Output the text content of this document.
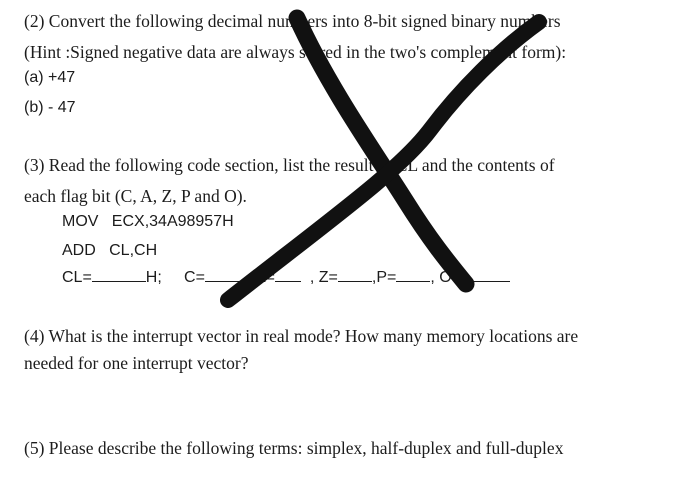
(2) Convert the following decimal numbers into 8-bit signed binary numbers
(Hint :Signed negative data are always stored in the two's complement form):
(a) +47
(b) - 47
(3) Read the following code section, list the result in CL and the contents of
each flag bit (C, A, Z, P and O).
MOV ECX,34A98957H
ADD CL,CH
CL=	H; C=	, A= , Z= ,P= , O=
(4) What is the interrupt vector in real mode? How many memory locations are
needed for one interrupt vector?
(5) Please describe the following terms: simplex, half-duplex and full-duplex
